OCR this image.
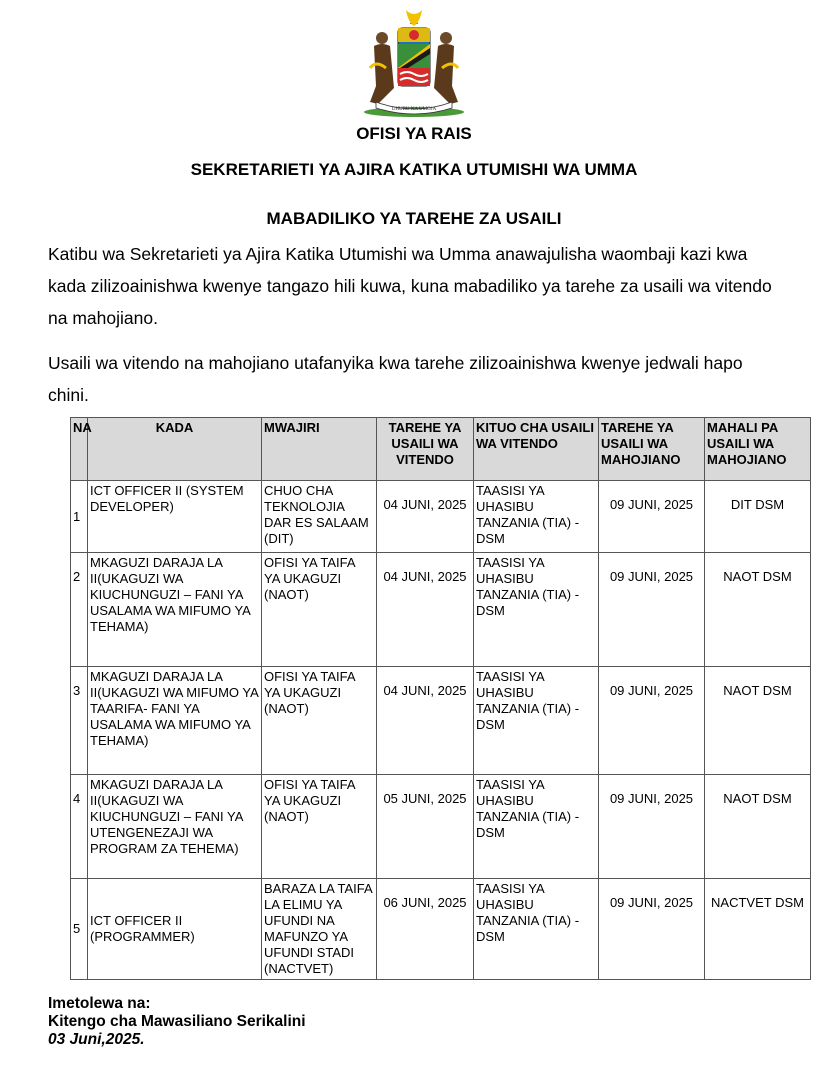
UHURU NA UMOJA
OFISI YA RAIS
SEKRETARIETI YA AJIRA KATIKA UTUMISHI WA UMMA
MABADILIKO YA TAREHE ZA USAILI
Katibu wa Sekretarieti ya Ajira Katika Utumishi wa Umma anawajulisha waombaji kazi kwa kada zilizoainishwa kwenye tangazo hili kuwa, kuna mabadiliko ya tarehe za usaili wa vitendo na mahojiano.
Usaili wa vitendo na mahojiano utafanyika kwa tarehe zilizoainishwa kwenye jedwali hapo chini.
NA	KADA	MWAJIRI	TAREHE YA USAILI WA VITENDO	KITUO CHA USAILI WA VITENDO	TAREHE YA USAILI WA MAHOJIANO	MAHALI PA USAILI WA MAHOJIANO
1	ICT OFFICER II (SYSTEM DEVELOPER)	CHUO CHA TEKNOLOJIA DAR ES SALAAM (DIT)	04 JUNI, 2025	TAASISI YA UHASIBU TANZANIA (TIA) - DSM	09 JUNI, 2025	DIT DSM
2	MKAGUZI DARAJA LA II(UKAGUZI WA KIUCHUNGUZI – FANI YA USALAMA WA MIFUMO YA TEHAMA)	OFISI YA TAIFA YA UKAGUZI (NAOT)	04 JUNI, 2025	TAASISI YA UHASIBU TANZANIA (TIA) - DSM	09 JUNI, 2025	NAOT DSM
3	MKAGUZI DARAJA LA II(UKAGUZI WA MIFUMO YA TAARIFA- FANI YA USALAMA WA MIFUMO YA TEHAMA)	OFISI YA TAIFA YA UKAGUZI (NAOT)	04 JUNI, 2025	TAASISI YA UHASIBU TANZANIA (TIA) - DSM	09 JUNI, 2025	NAOT DSM
4	MKAGUZI DARAJA LA II(UKAGUZI WA KIUCHUNGUZI – FANI YA UTENGENEZAJI WA PROGRAM ZA TEHEMA)	OFISI YA TAIFA YA UKAGUZI (NAOT)	05 JUNI, 2025	TAASISI YA UHASIBU TANZANIA (TIA) - DSM	09 JUNI, 2025	NAOT DSM
5	ICT OFFICER II (PROGRAMMER)	BARAZA LA TAIFA LA ELIMU YA UFUNDI NA MAFUNZO YA UFUNDI STADI (NACTVET)	06 JUNI, 2025	TAASISI YA UHASIBU TANZANIA (TIA) - DSM	09 JUNI, 2025	NACTVET DSM
Imetolewa na:
Kitengo cha Mawasiliano Serikalini
03 Juni,2025.
